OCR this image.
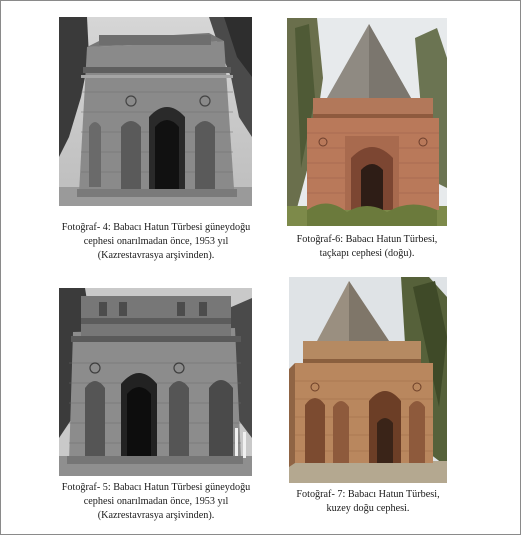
Fotoğraf- 4: Babacı Hatun Türbesi güneydoğu
cephesi onarılmadan önce, 1953 yıl
(Kazrestavrasya arşivinden).
Fotoğraf-6: Babacı Hatun Türbesi,
taçkapı cephesi (doğu).
Fotoğraf- 5: Babacı Hatun Türbesi güneydoğu
cephesi onarılmadan önce, 1953 yıl
(Kazrestavrasya arşivinden).
Fotoğraf- 7: Babacı Hatun Türbesi,
kuzey doğu cephesi.
